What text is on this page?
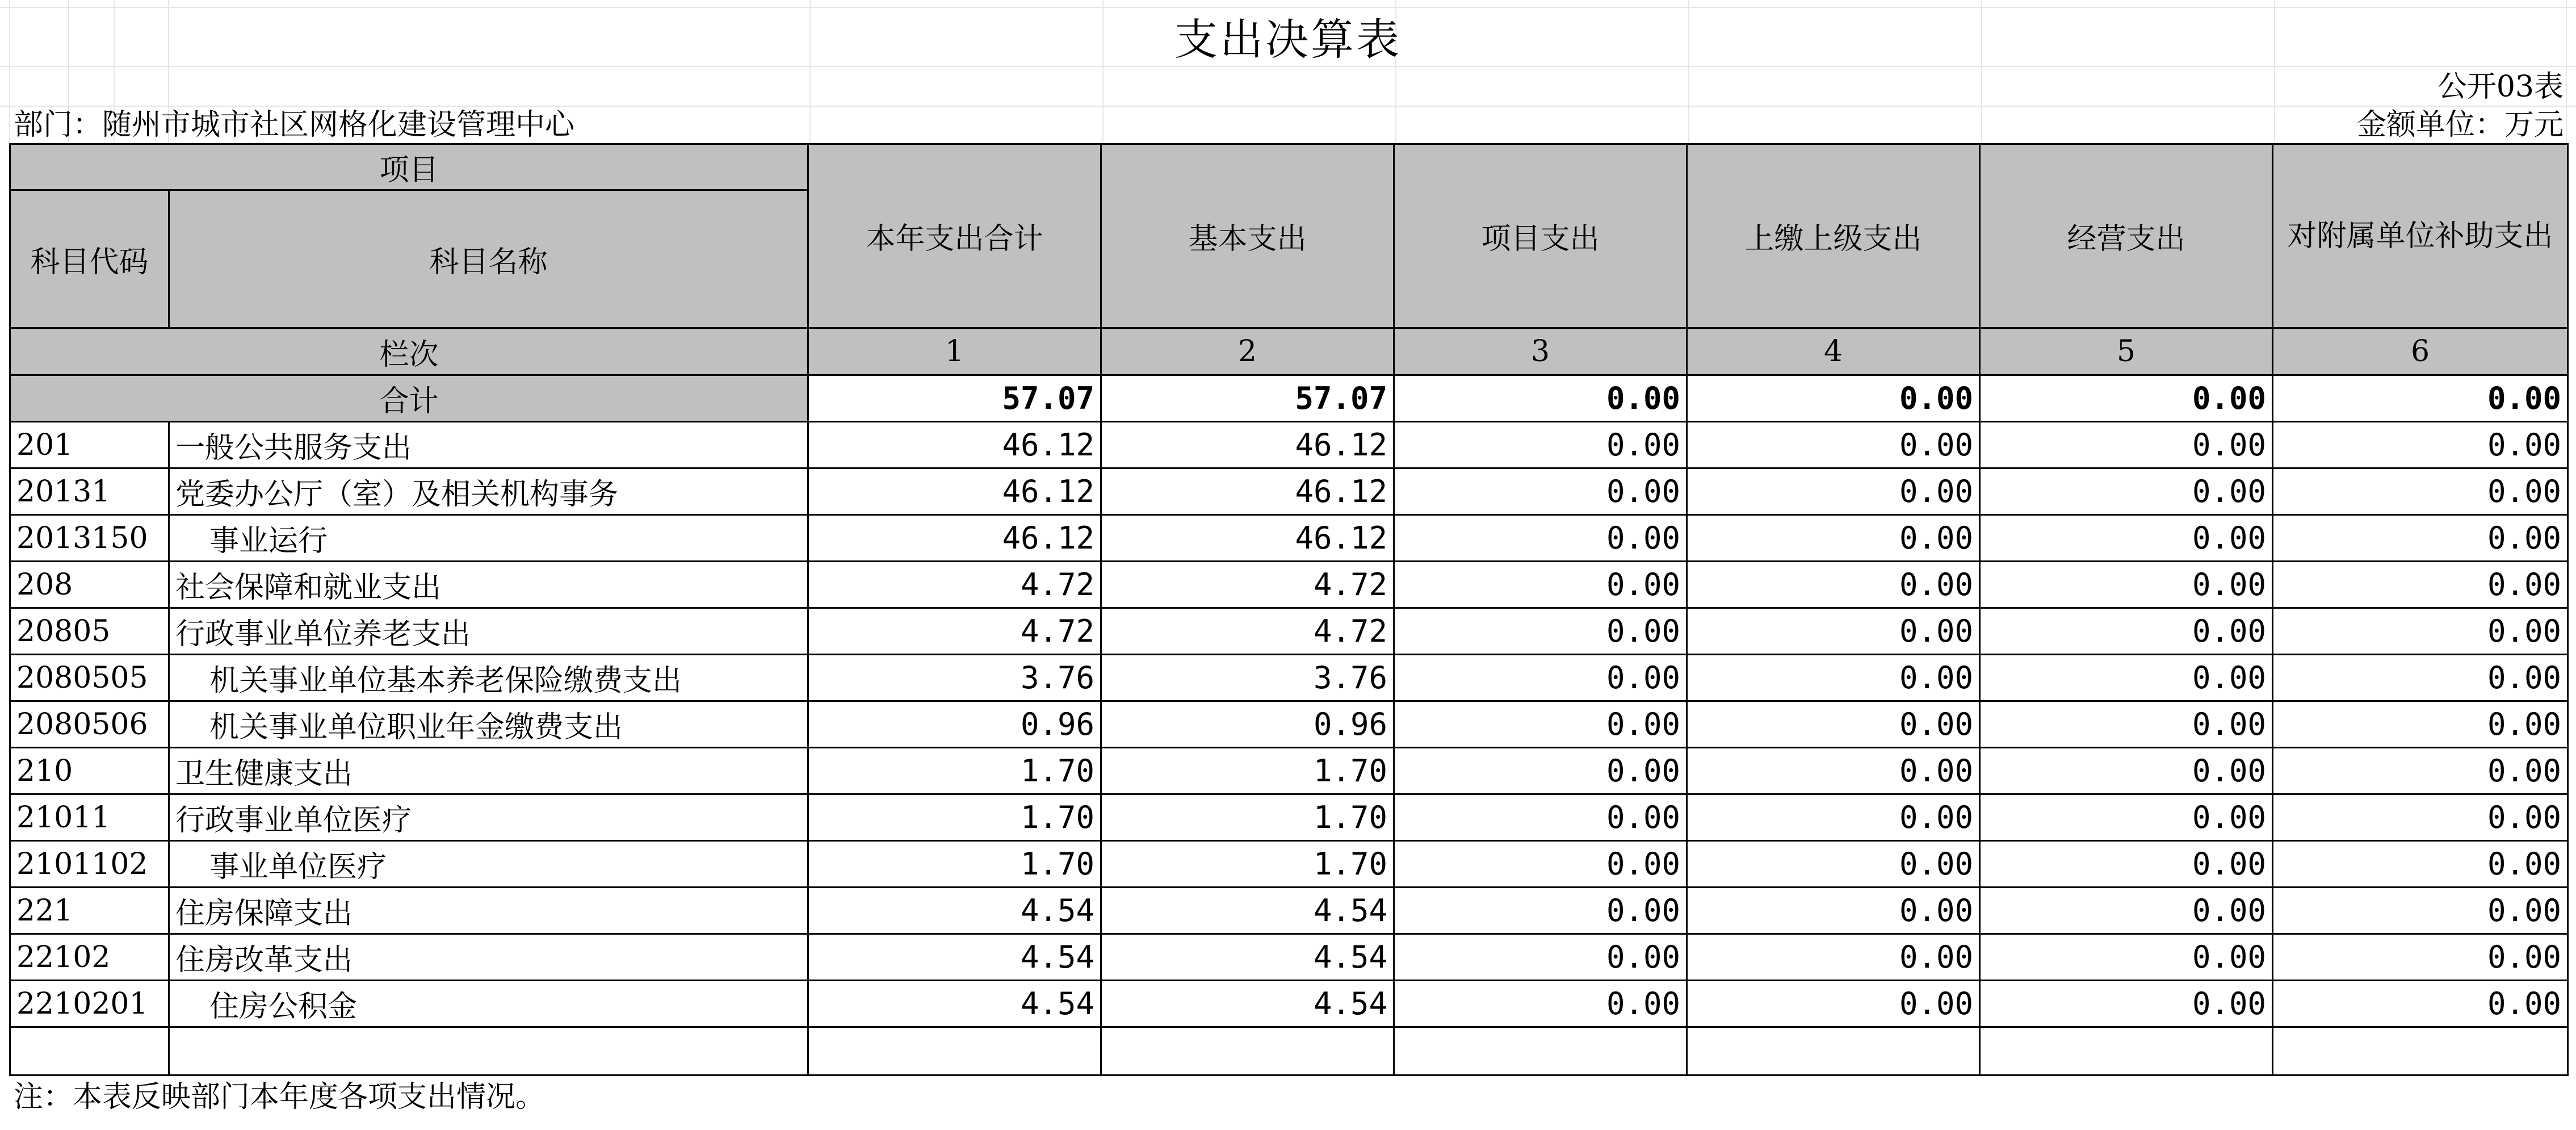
支出决算表
公开03表
部门：随州市城市社区网格化建设管理中心	金额单位：万元
项目		本年支出合计	基本支出	项目支出	上缴上级支出	经营支出	对附属单位补助支出
科目代码	科目名称						
栏次		1	2	3	4	5	6
合计		57.07	57.07	0.00	0.00	0.00	0.00
201	一般公共服务支出	46.12	46.12	0.00	0.00	0.00	0.00
20131	党委办公厅（室）及相关机构事务	46.12	46.12	0.00	0.00	0.00	0.00
2013150	事业运行	46.12	46.12	0.00	0.00	0.00	0.00
208	社会保障和就业支出	4.72	4.72	0.00	0.00	0.00	0.00
20805	行政事业单位养老支出	4.72	4.72	0.00	0.00	0.00	0.00
2080505	机关事业单位基本养老保险缴费支出	3.76	3.76	0.00	0.00	0.00	0.00
2080506	机关事业单位职业年金缴费支出	0.96	0.96	0.00	0.00	0.00	0.00
210	卫生健康支出	1.70	1.70	0.00	0.00	0.00	0.00
21011	行政事业单位医疗	1.70	1.70	0.00	0.00	0.00	0.00
2101102	事业单位医疗	1.70	1.70	0.00	0.00	0.00	0.00
221	住房保障支出	4.54	4.54	0.00	0.00	0.00	0.00
22102	住房改革支出	4.54	4.54	0.00	0.00	0.00	0.00
2210201	住房公积金	4.54	4.54	0.00	0.00	0.00	0.00

注：本表反映部门本年度各项支出情况。
